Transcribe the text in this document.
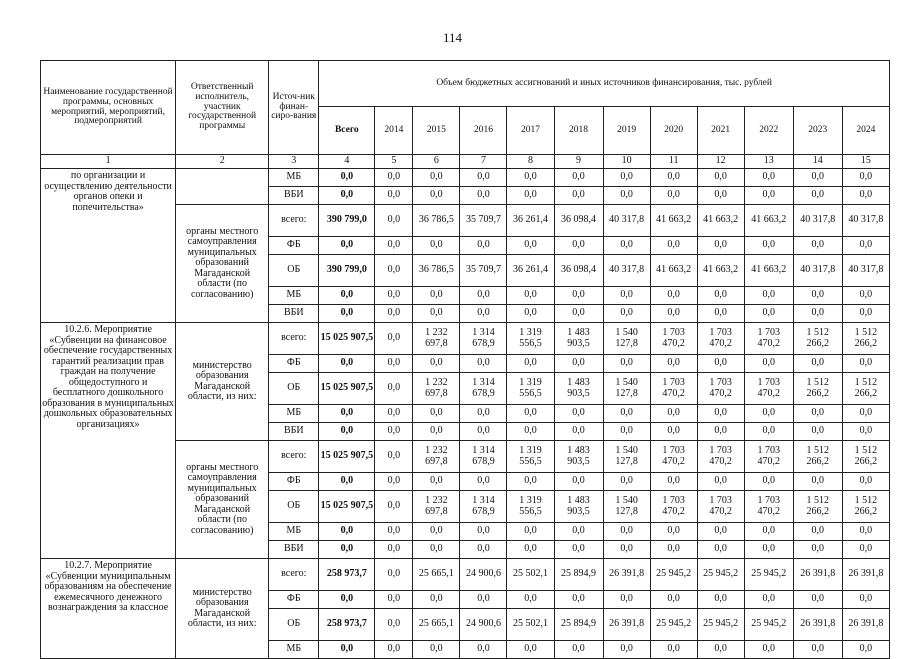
114
Наименование государственной программы, основных мероприятий, мероприятий, подмероприятий	Ответственный исполнитель, участник государственной программы	Источ-ник финан-сиро-вания	Объем бюджетных ассигнований и иных источников финансирования, тыс. рублей											
			Всего	2014	2015	2016	2017	2018	2019	2020	2021	2022	2023	2024
1	2	3	4	5	6	7	8	9	10	11	12	13	14	15
по организации и осуществлению деятельности органов опеки и попечительства»		МБ	0,0	0,0	0,0	0,0	0,0	0,0	0,0	0,0	0,0	0,0	0,0	0,0
		ВБИ	0,0	0,0	0,0	0,0	0,0	0,0	0,0	0,0	0,0	0,0	0,0	0,0
	органы местного самоуправления муниципальных образований Магаданской области (по согласованию)	всего:	390 799,0	0,0	36 786,5	35 709,7	36 261,4	36 098,4	40 317,8	41 663,2	41 663,2	41 663,2	40 317,8	40 317,8
		ФБ	0,0	0,0	0,0	0,0	0,0	0,0	0,0	0,0	0,0	0,0	0,0	0,0
		ОБ	390 799,0	0,0	36 786,5	35 709,7	36 261,4	36 098,4	40 317,8	41 663,2	41 663,2	41 663,2	40 317,8	40 317,8
		МБ	0,0	0,0	0,0	0,0	0,0	0,0	0,0	0,0	0,0	0,0	0,0	0,0
		ВБИ	0,0	0,0	0,0	0,0	0,0	0,0	0,0	0,0	0,0	0,0	0,0	0,0
10.2.6. Мероприятие «Субвенции на финансовое обеспечение государственных гарантий реализации прав граждан на получение общедоступного и бесплатного дошкольного образования в муниципальных дошкольных образовательных организациях»	министерство образования Магаданской области, из них:	всего:	15 025 907,5	0,0	1 232 697,8	1 314 678,9	1 319 556,5	1 483 903,5	1 540 127,8	1 703 470,2	1 703 470,2	1 703 470,2	1 512 266,2	1 512 266,2
		ФБ	0,0	0,0	0,0	0,0	0,0	0,0	0,0	0,0	0,0	0,0	0,0	0,0
		ОБ	15 025 907,5	0,0	1 232 697,8	1 314 678,9	1 319 556,5	1 483 903,5	1 540 127,8	1 703 470,2	1 703 470,2	1 703 470,2	1 512 266,2	1 512 266,2
		МБ	0,0	0,0	0,0	0,0	0,0	0,0	0,0	0,0	0,0	0,0	0,0	0,0
		ВБИ	0,0	0,0	0,0	0,0	0,0	0,0	0,0	0,0	0,0	0,0	0,0	0,0
	органы местного самоуправления муниципальных образований Магаданской области (по согласованию)	всего:	15 025 907,5	0,0	1 232 697,8	1 314 678,9	1 319 556,5	1 483 903,5	1 540 127,8	1 703 470,2	1 703 470,2	1 703 470,2	1 512 266,2	1 512 266,2
		ФБ	0,0	0,0	0,0	0,0	0,0	0,0	0,0	0,0	0,0	0,0	0,0	0,0
		ОБ	15 025 907,5	0,0	1 232 697,8	1 314 678,9	1 319 556,5	1 483 903,5	1 540 127,8	1 703 470,2	1 703 470,2	1 703 470,2	1 512 266,2	1 512 266,2
		МБ	0,0	0,0	0,0	0,0	0,0	0,0	0,0	0,0	0,0	0,0	0,0	0,0
		ВБИ	0,0	0,0	0,0	0,0	0,0	0,0	0,0	0,0	0,0	0,0	0,0	0,0
10.2.7. Мероприятие «Субвенции муниципальным образованиям на обеспечение ежемесячного денежного вознаграждения за классное	министерство образования Магаданской области, из них:	всего:	258 973,7	0,0	25 665,1	24 900,6	25 502,1	25 894,9	26 391,8	25 945,2	25 945,2	25 945,2	26 391,8	26 391,8
		ФБ	0,0	0,0	0,0	0,0	0,0	0,0	0,0	0,0	0,0	0,0	0,0	0,0
		ОБ	258 973,7	0,0	25 665,1	24 900,6	25 502,1	25 894,9	26 391,8	25 945,2	25 945,2	25 945,2	26 391,8	26 391,8
		МБ	0,0	0,0	0,0	0,0	0,0	0,0	0,0	0,0	0,0	0,0	0,0	0,0
